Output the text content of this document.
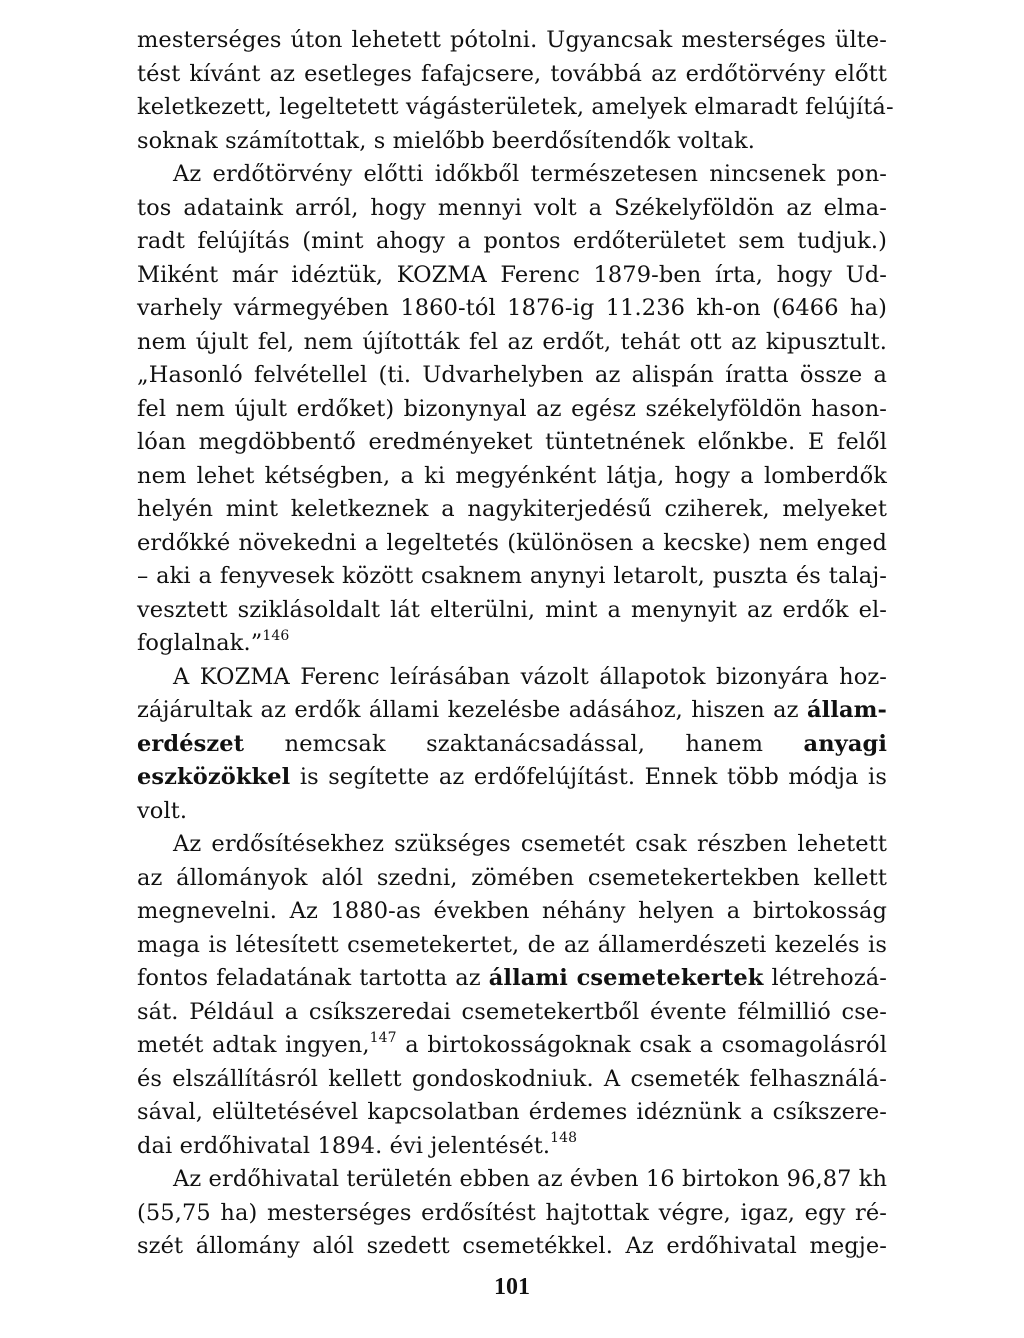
mesterséges úton lehetett pótolni. Ugyancsak mesterséges ülte-
tést kívánt az esetleges fafajcsere, továbbá az erdőtörvény előtt
keletkezett, legeltetett vágásterületek, amelyek elmaradt felújítá-
soknak számítottak, s mielőbb beerdősítendők voltak.
Az erdőtörvény előtti időkből természetesen nincsenek pon-
tos adataink arról, hogy mennyi volt a Székelyföldön az elma-
radt felújítás (mint ahogy a pontos erdőterületet sem tudjuk.)
Miként már idéztük, KOZMA Ferenc 1879-ben írta, hogy Ud-
varhely vármegyében 1860-tól 1876-ig 11.236 kh-on (6466 ha)
nem újult fel, nem újították fel az erdőt, tehát ott az kipusztult.
„Hasonló felvétellel (ti. Udvarhelyben az alispán íratta össze a
fel nem újult erdőket) bizonynyal az egész székelyföldön hason-
lóan megdöbbentő eredményeket tüntetnének előnkbe. E felől
nem lehet kétségben, a ki megyénként látja, hogy a lomberdők
helyén mint keletkeznek a nagykiterjedésű cziherek, melyeket
erdőkké növekedni a legeltetés (különösen a kecske) nem enged
– aki a fenyvesek között csaknem anynyi letarolt, puszta és talaj-
vesztett sziklásoldalt lát elterülni, mint a menynyit az erdők el-
foglalnak.”$^{146}$
A KOZMA Ferenc leírásában vázolt állapotok bizonyára hoz-
zájárultak az erdők állami kezelésbe adásához, hiszen az állam-
erdészet nemcsak szaktanácsadással, hanem anyagi
eszközökkel is segítette az erdőfelújítást. Ennek több módja is
volt.
Az erdősítésekhez szükséges csemetét csak részben lehetett
az állományok alól szedni, zömében csemetekertekben kellett
megnevelni. Az 1880-as években néhány helyen a birtokosság
maga is létesített csemetekertet, de az államerdészeti kezelés is
fontos feladatának tartotta az állami csemetekertek létrehozá-
sát. Például a csíkszeredai csemetekertből évente félmillió cse-
metét adtak ingyen,$^{147}$ a birtokosságoknak csak a csomagolásról
és elszállításról kellett gondoskodniuk. A csemeték felhasználá-
sával, elültetésével kapcsolatban érdemes idéznünk a csíkszere-
dai erdőhivatal 1894. évi jelentését.$^{148}$
Az erdőhivatal területén ebben az évben 16 birtokon 96,87 kh
(55,75 ha) mesterséges erdősítést hajtottak végre, igaz, egy ré-
szét állomány alól szedett csemetékkel. Az erdőhivatal megje-
101
